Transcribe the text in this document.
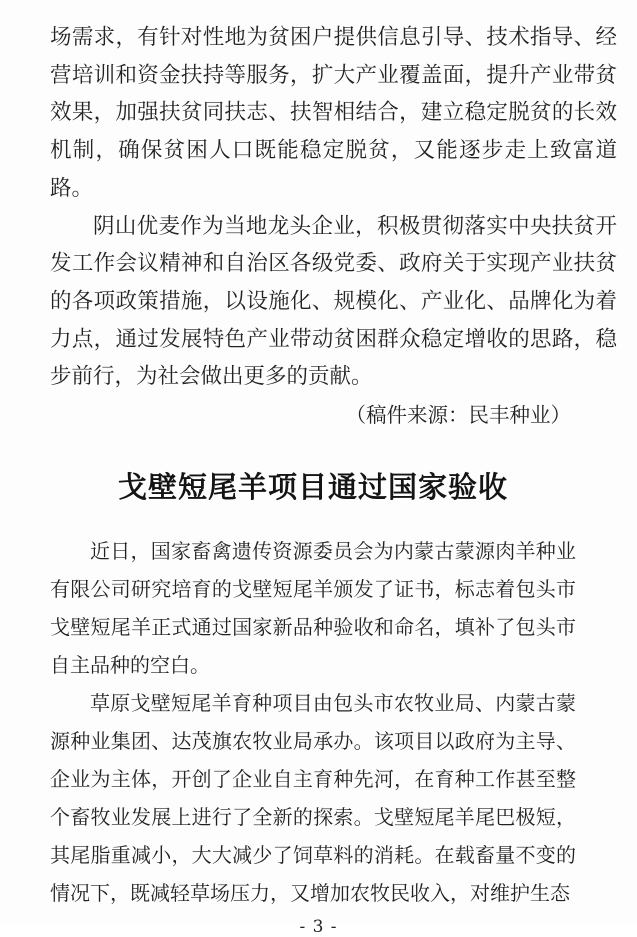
场需求，有针对性地为贫困户提供信息引导、技术指导、经营培训和资金扶持等服务，扩大产业覆盖面，提升产业带贫效果，加强扶贫同扶志、扶智相结合，建立稳定脱贫的长效机制，确保贫困人口既能稳定脱贫，又能逐步走上致富道路。

阴山优麦作为当地龙头企业，积极贯彻落实中央扶贫开发工作会议精神和自治区各级党委、政府关于实现产业扶贫的各项政策措施，以设施化、规模化、产业化、品牌化为着力点，通过发展特色产业带动贫困群众稳定增收的思路，稳步前行，为社会做出更多的贡献。

（稿件来源：民丰种业）

戈壁短尾羊项目通过国家验收

近日，国家畜禽遗传资源委员会为内蒙古蒙源肉羊种业有限公司研究培育的戈壁短尾羊颁发了证书，标志着包头市戈壁短尾羊正式通过国家新品种验收和命名，填补了包头市自主品种的空白。

草原戈壁短尾羊育种项目由包头市农牧业局、内蒙古蒙源种业集团、达茂旗农牧业局承办。该项目以政府为主导、企业为主体，开创了企业自主育种先河，在育种工作甚至整个畜牧业发展上进行了全新的探索。戈壁短尾羊尾巴极短，其尾脂重减小，大大减少了饲草料的消耗。在载畜量不变的情况下，既减轻草场压力，又增加农牧民收入，对维护生态

- 3 -
